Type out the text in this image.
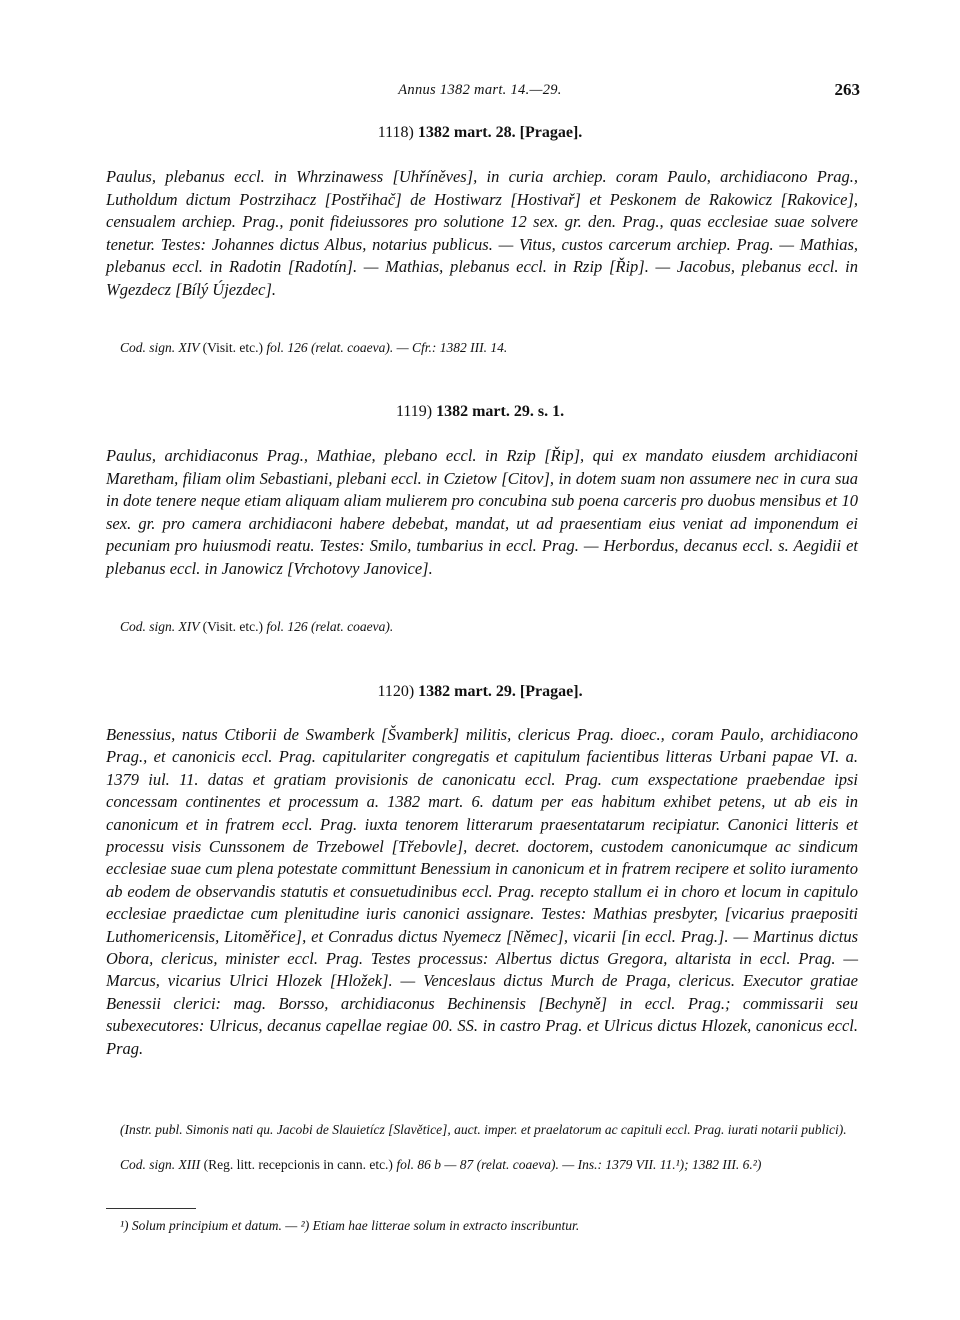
Annus 1382 mart. 14.—29.	263
1118) 1382 mart. 28. [Pragae].

Paulus, plebanus eccl. in Whrzinawess [Uhříněves], in curia archiep. coram Paulo, archidiacono Prag., Lutholdum dictum Postrzihacz [Postřihač] de Hostiwarz [Hostivař] et Peskonem de Rakowicz [Rakovice], censualem archiep. Prag., ponit fideiussores pro solutione 12 sex. gr. den. Prag., quas ecclesiae suae solvere tenetur. Testes: Johannes dictus Albus, notarius publicus. — Vitus, custos carcerum archiep. Prag. — Mathias, plebanus eccl. in Radotin [Radotín]. — Mathias, plebanus eccl. in Rzip [Řip]. — Jacobus, plebanus eccl. in Wgezdecz [Bílý Újezdec].

Cod. sign. XIV (Visit. etc.) fol. 126 (relat. coaeva). — Cfr.: 1382 III. 14.

1119) 1382 mart. 29. s. 1.

Paulus, archidiaconus Prag., Mathiae, plebano eccl. in Rzip [Řip], qui ex mandato eiusdem archidiaconi Maretham, filiam olim Sebastiani, plebani eccl. in Czietow [Citov], in dotem suam non assumere nec in cura sua in dote tenere neque etiam aliquam aliam mulierem pro concubina sub poena carceris pro duobus mensibus et 10 sex. gr. pro camera archidiaconi habere debebat, mandat, ut ad praesentiam eius veniat ad imponendum ei pecuniam pro huiusmodi reatu. Testes: Smilo, tumbarius in eccl. Prag. — Herbordus, decanus eccl. s. Aegidii et plebanus eccl. in Janowicz [Vrchotovy Janovice].

Cod. sign. XIV (Visit. etc.) fol. 126 (relat. coaeva).

1120) 1382 mart. 29. [Pragae].

Benessius, natus Ctiborii de Swamberk [Švamberk] militis, clericus Prag. dioec., coram Paulo, archidiacono Prag., et canonicis eccl. Prag. capitulariter congregatis et capitulum facientibus litteras Urbani papae VI. a. 1379 iul. 11. datas et gratiam provisionis de canonicatu eccl. Prag. cum exspectatione praebendae ipsi concessam continentes et processum a. 1382 mart. 6. datum per eas habitum exhibet petens, ut ab eis in canonicum et in fratrem eccl. Prag. iuxta tenorem litterarum praesentatarum recipiatur. Canonici litteris et processu visis Cunssonem de Trzebowel [Třebovle], decret. doctorem, custodem canonicumque ac sindicum ecclesiae suae cum plena potestate committunt Benessium in canonicum et in fratrem recipere et solito iuramento ab eodem de observandis statutis et consuetudinibus eccl. Prag. recepto stallum ei in choro et locum in capitulo ecclesiae praedictae cum plenitudine iuris canonici assignare. Testes: Mathias presbyter, [vicarius praepositi Luthomericensis, Litoměřice], et Conradus dictus Nyemecz [Němec], vicarii [in eccl. Prag.]. — Martinus dictus Obora, clericus, minister eccl. Prag. Testes processus: Albertus dictus Gregora, altarista in eccl. Prag. — Marcus, vicarius Ulrici Hlozek [Hložek]. — Venceslaus dictus Murch de Praga, clericus. Executor gratiae Benessii clerici: mag. Borsso, archidiaconus Bechinensis [Bechyně] in eccl. Prag.; commissarii seu subexecutores: Ulricus, decanus capellae regiae 00. SS. in castro Prag. et Ulricus dictus Hlozek, canonicus eccl. Prag.

(Instr. publ. Simonis nati qu. Jacobi de Slauietícz [Slavětice], auct. imper. et praelatorum ac capituli eccl. Prag. iurati notarii publici).

Cod. sign. XIII (Reg. litt. recepcionis in cann. etc.) fol. 86 b — 87 (relat. coaeva). — Ins.: 1379 VII. 11.¹); 1382 III. 6.²)

¹) Solum principium et datum. — ²) Etiam hae litterae solum in extracto inscribuntur.
